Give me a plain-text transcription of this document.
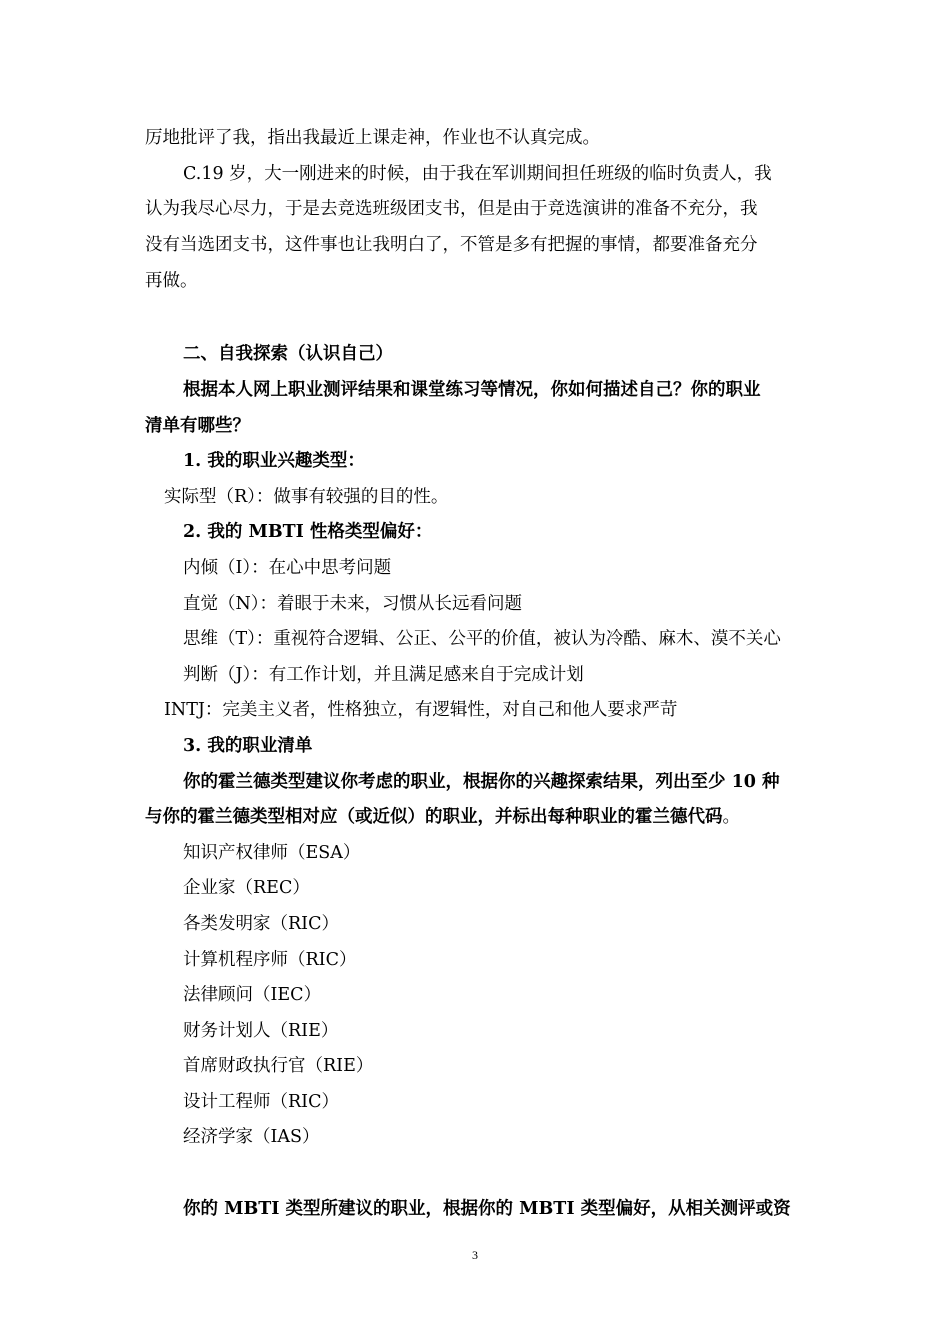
厉地批评了我，指出我最近上课走神，作业也不认真完成。
C.19 岁，大一刚进来的时候，由于我在军训期间担任班级的临时负责人，我
认为我尽心尽力，于是去竞选班级团支书，但是由于竞选演讲的准备不充分，我
没有当选团支书，这件事也让我明白了，不管是多有把握的事情，都要准备充分
再做。
二、自我探索（认识自己）
根据本人网上职业测评结果和课堂练习等情况，你如何描述自己？你的职业
清单有哪些？
1. 我的职业兴趣类型：
实际型（R）：做事有较强的目的性。
2. 我的 MBTI 性格类型偏好：
内倾（I）：在心中思考问题
直觉（N）：着眼于未来，习惯从长远看问题
思维（T）：重视符合逻辑、公正、公平的价值，被认为冷酷、麻木、漠不关心
判断（J）：有工作计划，并且满足感来自于完成计划
INTJ：完美主义者，性格独立，有逻辑性，对自己和他人要求严苛
3. 我的职业清单
你的霍兰德类型建议你考虑的职业，根据你的兴趣探索结果，列出至少 10 种
与你的霍兰德类型相对应（或近似）的职业，并标出每种职业的霍兰德代码。
知识产权律师（ESA）
企业家（REC）
各类发明家（RIC）
计算机程序师（RIC）
法律顾问（IEC）
财务计划人（RIE）
首席财政执行官（RIE）
设计工程师（RIC）
经济学家（IAS）
你的 MBTI 类型所建议的职业，根据你的 MBTI 类型偏好，从相关测评或资
3
